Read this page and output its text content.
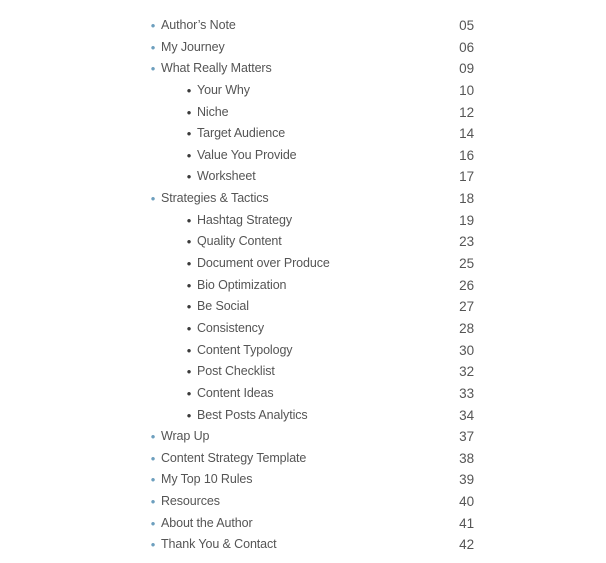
• Author’s Note	05
• My Journey	06
• What Really Matters	09
• Your Why	10
• Niche	12
• Target Audience	14
• Value You Provide	16
• Worksheet	17
• Strategies & Tactics	18
• Hashtag Strategy	19
• Quality Content	23
• Document over Produce	25
• Bio Optimization	26
• Be Social	27
• Consistency	28
• Content Typology	30
• Post Checklist	32
• Content Ideas	33
• Best Posts Analytics	34
• Wrap Up	37
• Content Strategy Template	38
• My Top 10 Rules	39
• Resources	40
• About the Author	41
• Thank You & Contact	42
